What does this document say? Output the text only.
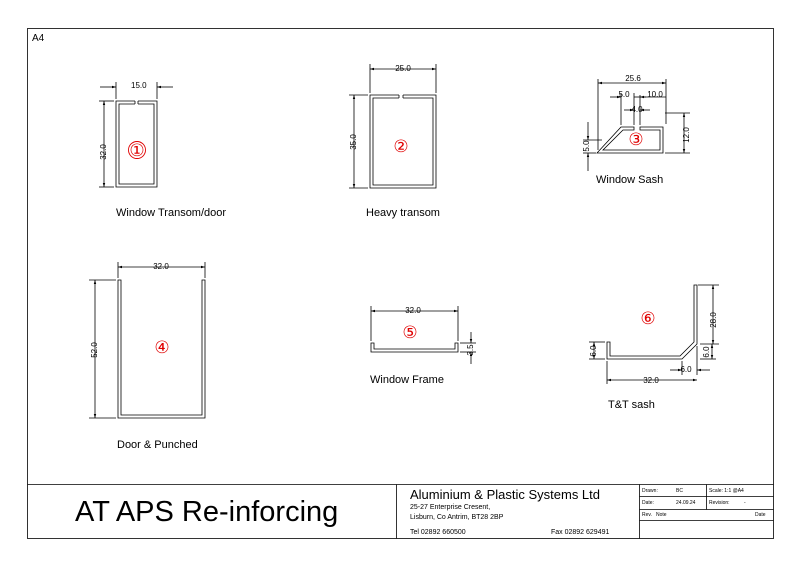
A4
15.0
32.0 ①
Window Transom/door
25.0
35.0 ②
Heavy transom
25.6
5.0 10.0
4.0
5.0
12.0
③
Window Sash
32.0
52.0	④
Door & Punched
32.0
3.5
⑤
Window Frame
28.0
6.0	6.0
6.0
32.0
⑥
T&T sash
AT APS Re-inforcing
Aluminium & Plastic Systems Ltd
25-27 Enterprise Cresent,
Lisburn, Co Antrim, BT28 2BP
Tel 02892 660500	Fax 02892 629491
Drawn:	BC	Scale: 1:1 @A4
Date:	24.09.24	Revision:	-
Rev. Note	Date
